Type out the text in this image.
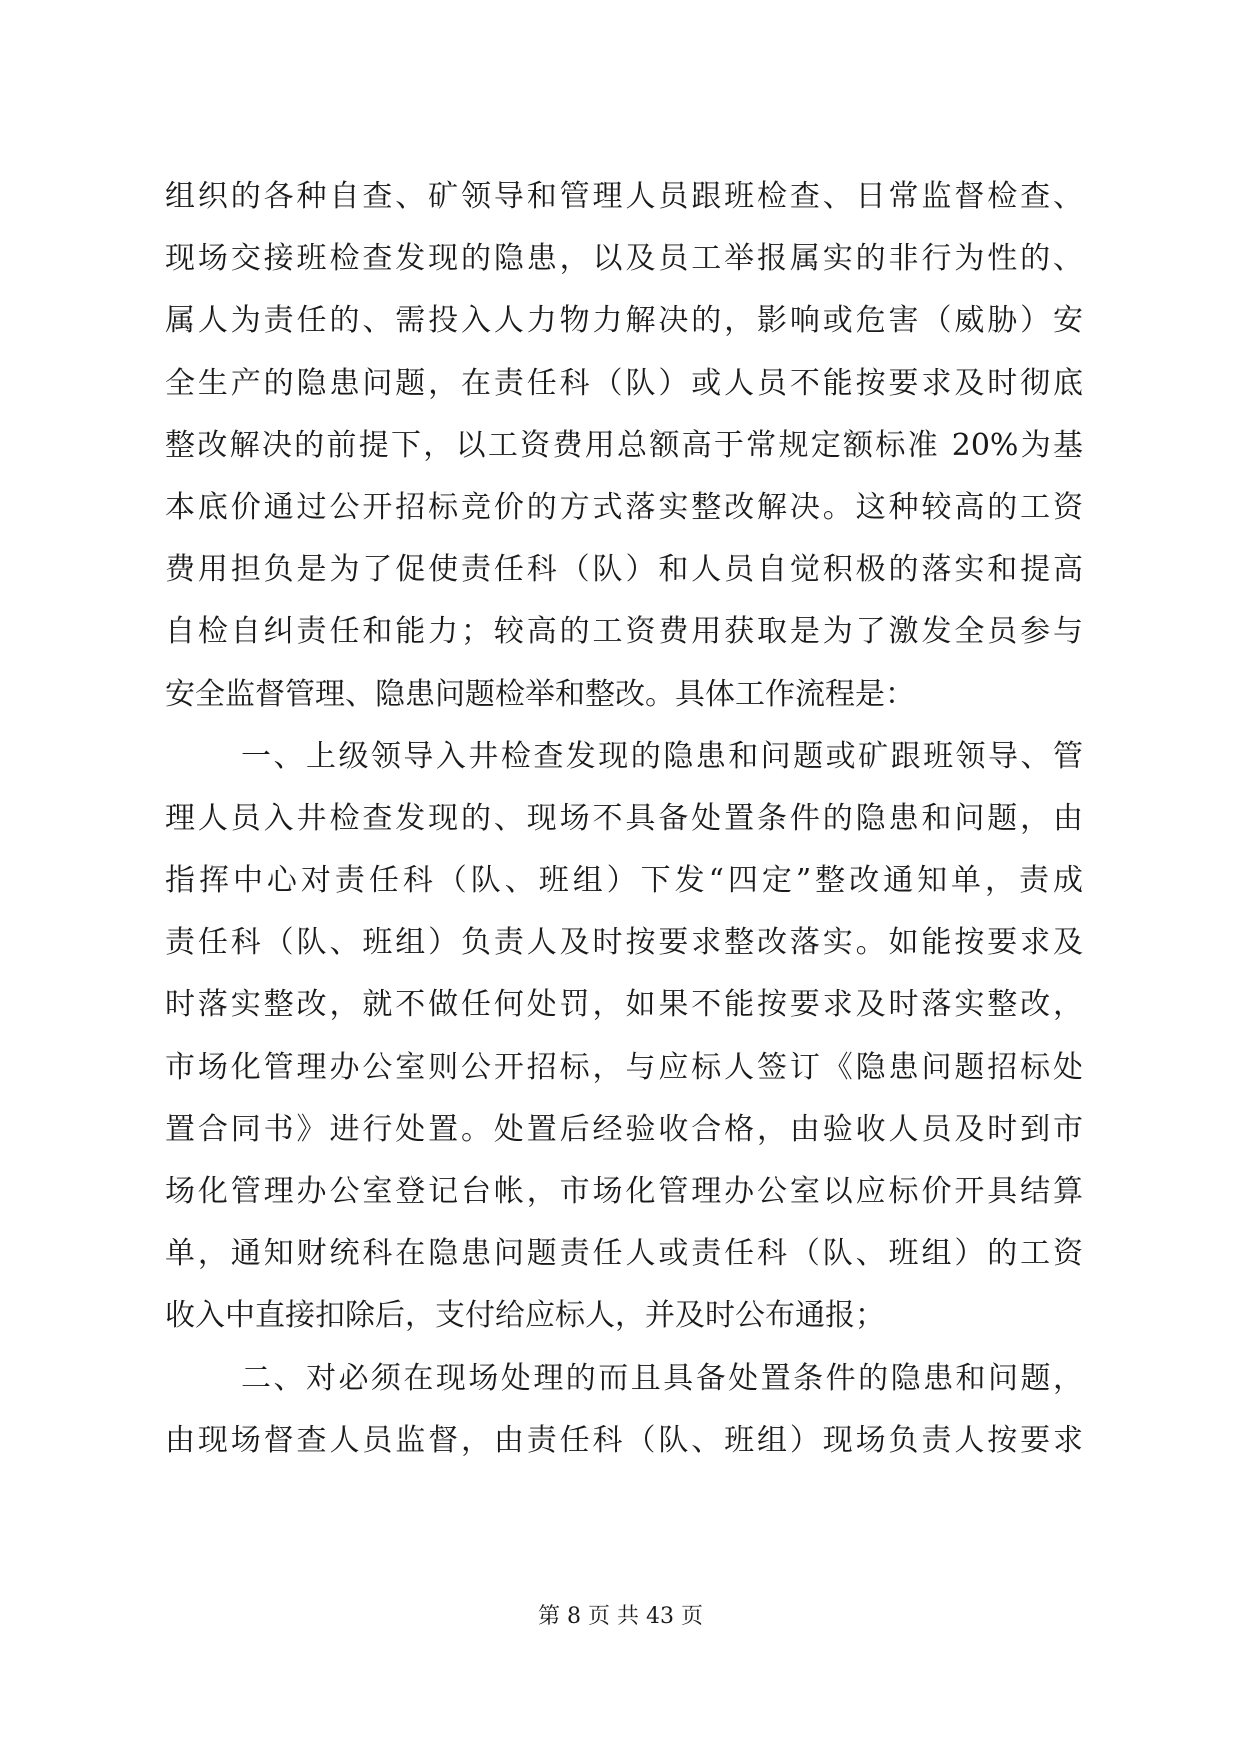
组织的各种自查、矿领导和管理人员跟班检查、日常监督检查、
现场交接班检查发现的隐患，以及员工举报属实的非行为性的、
属人为责任的、需投入人力物力解决的，影响或危害（威胁）安
全生产的隐患问题，在责任科（队）或人员不能按要求及时彻底
整改解决的前提下，以工资费用总额高于常规定额标准 20%为基
本底价通过公开招标竞价的方式落实整改解决。这种较高的工资
费用担负是为了促使责任科（队）和人员自觉积极的落实和提高
自检自纠责任和能力；较高的工资费用获取是为了激发全员参与
安全监督管理、隐患问题检举和整改。具体工作流程是：
一、上级领导入井检查发现的隐患和问题或矿跟班领导、管
理人员入井检查发现的、现场不具备处置条件的隐患和问题，由
指挥中心对责任科（队、班组）下发“四定”整改通知单，责成
责任科（队、班组）负责人及时按要求整改落实。如能按要求及
时落实整改，就不做任何处罚，如果不能按要求及时落实整改，
市场化管理办公室则公开招标，与应标人签订《隐患问题招标处
置合同书》进行处置。处置后经验收合格，由验收人员及时到市
场化管理办公室登记台帐，市场化管理办公室以应标价开具结算
单，通知财统科在隐患问题责任人或责任科（队、班组）的工资
收入中直接扣除后，支付给应标人，并及时公布通报；
二、对必须在现场处理的而且具备处置条件的隐患和问题，
由现场督查人员监督，由责任科（队、班组）现场负责人按要求
第 8 页 共 43 页
